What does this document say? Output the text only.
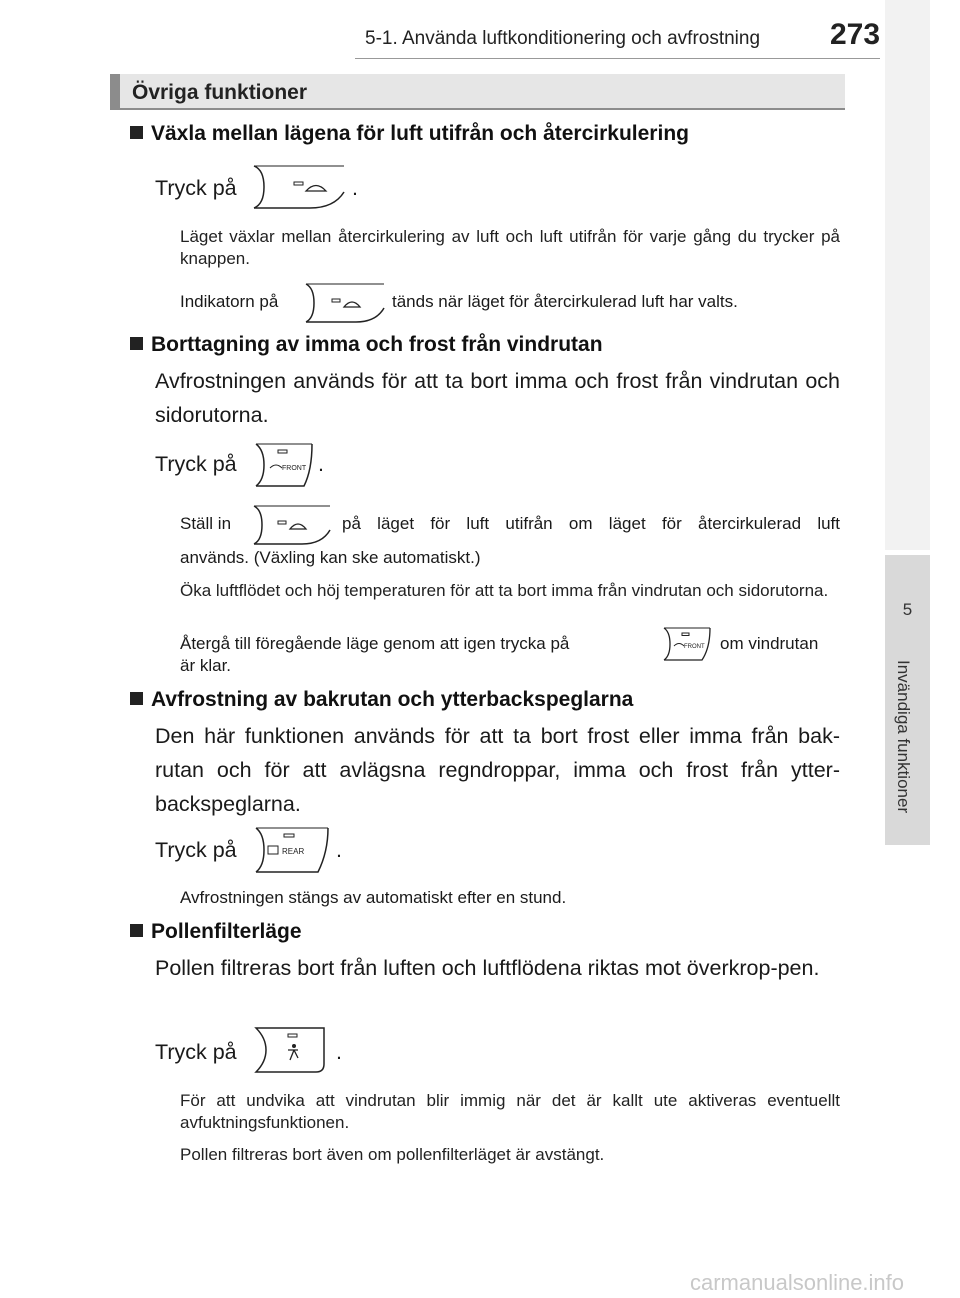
5-1. Använda luftkonditionering och avfrostning 273
5
Invändiga funktioner
Övriga funktioner
Växla mellan lägena för luft utifrån och återcirkulering
Tryck på	.
Läget växlar mellan återcirkulering av luft och luft utifrån för varje gång du trycker på knappen.
Indikatorn på	tänds när läget för återcirkulerad luft har valts.
Borttagning av imma och frost från vindrutan
Avfrostningen används för att ta bort imma och frost från vindrutan och sidorutorna.
Tryck på	FRONT .
Ställ in	på läget för luft utifrån om läget för återcirkulerad luft
används. (Växling kan ske automatiskt.)
Öka luftflödet och höj temperaturen för att ta bort imma från vindrutan och sidorutorna.
Återgå till föregående läge genom att igen trycka på	FRONT om vindrutan
är klar.
Avfrostning av bakrutan och ytterbackspeglarna
Den här funktionen används för att ta bort frost eller imma från bak-rutan och för att avlägsna regndroppar, imma och frost från ytter-backspeglarna.
Tryck på	REAR .
Avfrostningen stängs av automatiskt efter en stund.
Pollenfilterläge
Pollen filtreras bort från luften och luftflödena riktas mot överkrop-pen.
Tryck på	.
För att undvika att vindrutan blir immig när det är kallt ute aktiveras eventuellt avfuktningsfunktionen.
Pollen filtreras bort även om pollenfilterläget är avstängt.
carmanualsonline.info
